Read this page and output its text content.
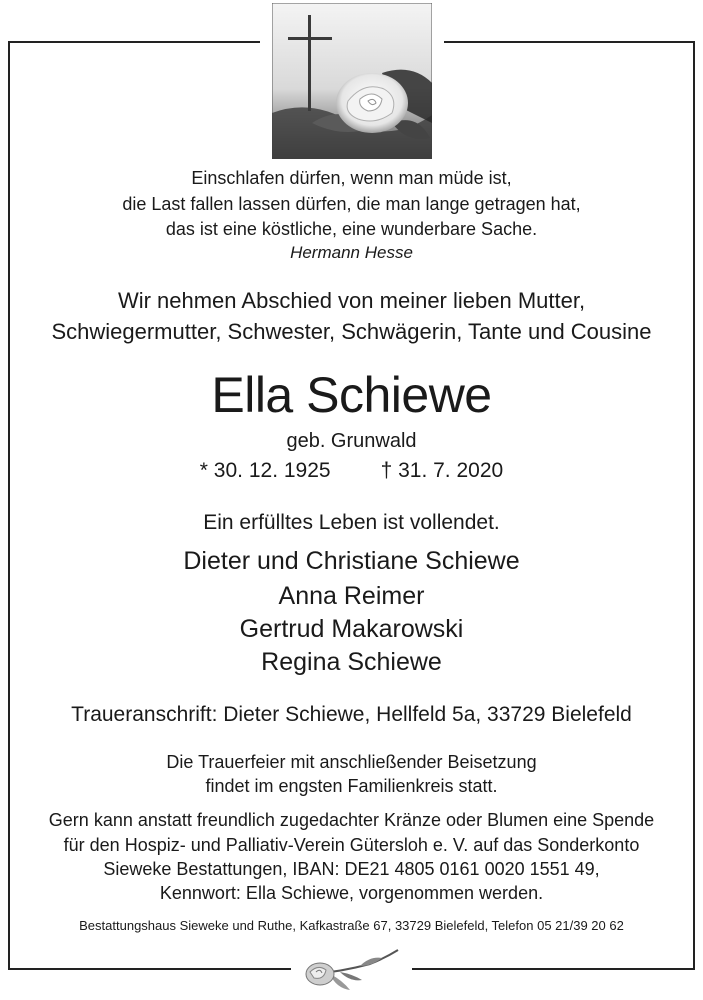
Einschlafen dürfen, wenn man müde ist,
die Last fallen lassen dürfen, die man lange getragen hat,
das ist eine köstliche, eine wunderbare Sache.
Hermann Hesse
Wir nehmen Abschied von meiner lieben Mutter,
Schwiegermutter, Schwester, Schwägerin, Tante und Cousine
Ella Schiewe
geb. Grunwald
* 30. 12. 1925 † 31. 7. 2020
Ein erfülltes Leben ist vollendet.
Dieter und Christiane Schiewe
Anna Reimer
Gertrud Makarowski
Regina Schiewe
Traueranschrift: Dieter Schiewe, Hellfeld 5a, 33729 Bielefeld
Die Trauerfeier mit anschließender Beisetzung
findet im engsten Familienkreis statt.
Gern kann anstatt freundlich zugedachter Kränze oder Blumen eine Spende
für den Hospiz- und Palliativ-Verein Gütersloh e. V. auf das Sonderkonto
Sieweke Bestattungen, IBAN: DE21 4805 0161 0020 1551 49,
Kennwort: Ella Schiewe, vorgenommen werden.
Bestattungshaus Sieweke und Ruthe, Kafkastraße 67, 33729 Bielefeld, Telefon 05 21/39 20 62
